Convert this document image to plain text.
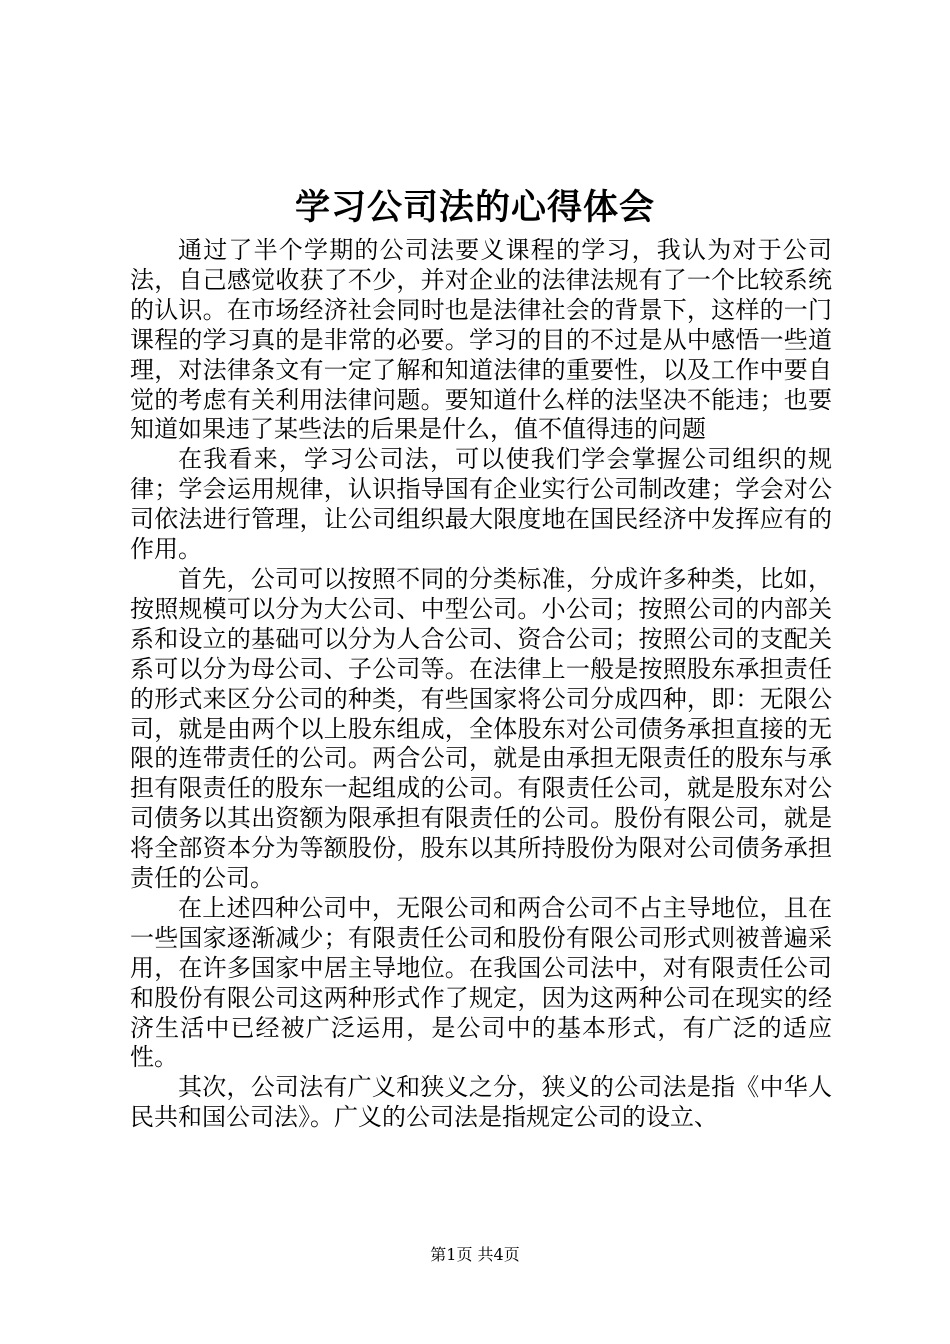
学习公司法的心得体会

通过了半个学期的公司法要义课程的学习，我认为对于公司法，自己感觉收获了不少，并对企业的法律法规有了一个比较系统的认识。在市场经济社会同时也是法律社会的背景下，这样的一门课程的学习真的是非常的必要。学习的目的不过是从中感悟一些道理，对法律条文有一定了解和知道法律的重要性，以及工作中要自觉的考虑有关利用法律问题。要知道什么样的法坚决不能违；也要知道如果违了某些法的后果是什么，值不值得违的问题

在我看来，学习公司法，可以使我们学会掌握公司组织的规律；学会运用规律，认识指导国有企业实行公司制改建；学会对公司依法进行管理，让公司组织最大限度地在国民经济中发挥应有的作用。

首先，公司可以按照不同的分类标准，分成许多种类，比如，按照规模可以分为大公司、中型公司。小公司；按照公司的内部关系和设立的基础可以分为人合公司、资合公司；按照公司的支配关系可以分为母公司、子公司等。在法律上一般是按照股东承担责任的形式来区分公司的种类，有些国家将公司分成四种，即：无限公司，就是由两个以上股东组成，全体股东对公司债务承担直接的无限的连带责任的公司。两合公司，就是由承担无限责任的股东与承担有限责任的股东一起组成的公司。有限责任公司，就是股东对公司债务以其出资额为限承担有限责任的公司。股份有限公司，就是将全部资本分为等额股份，股东以其所持股份为限对公司债务承担责任的公司。

在上述四种公司中，无限公司和两合公司不占主导地位，且在一些国家逐渐减少；有限责任公司和股份有限公司形式则被普遍采用，在许多国家中居主导地位。在我国公司法中，对有限责任公司和股份有限公司这两种形式作了规定，因为这两种公司在现实的经济生活中已经被广泛运用，是公司中的基本形式，有广泛的适应性。

其次，公司法有广义和狭义之分，狭义的公司法是指《中华人民共和国公司法》。广义的公司法是指规定公司的设立、

第1页 共4页
